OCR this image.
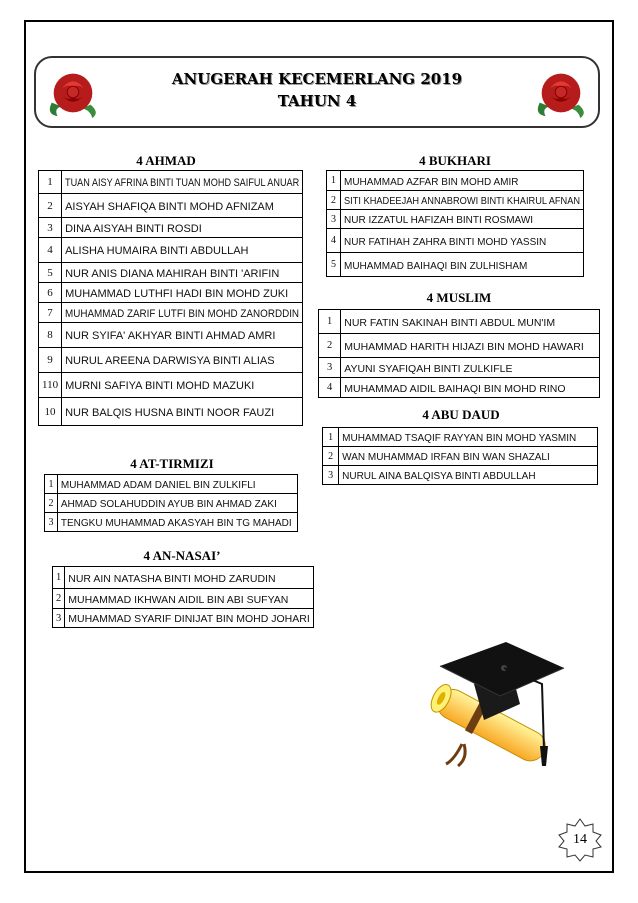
ANUGERAH KECEMERLANG 2019
TAHUN 4
4 AHMAD
1	TUAN AISY AFRINA BINTI TUAN MOHD SAIFUL ANUAR
2	AISYAH SHAFIQA BINTI MOHD AFNIZAM
3	DINA AISYAH BINTI ROSDI
4	ALISHA HUMAIRA BINTI ABDULLAH
5	NUR ANIS DIANA MAHIRAH BINTI 'ARIFIN
6	MUHAMMAD LUTHFI HADI BIN MOHD ZUKI
7	MUHAMMAD ZARIF LUTFI BIN MOHD ZANORDDIN
8	NUR SYIFA' AKHYAR BINTI AHMAD AMRI
9	NURUL AREENA DARWISYA BINTI ALIAS
110	MURNI SAFIYA BINTI MOHD MAZUKI
10	NUR BALQIS HUSNA BINTI NOOR FAUZI
4 BUKHARI
1	MUHAMMAD AZFAR BIN MOHD AMIR
2	SITI KHADEEJAH ANNABROWI BINTI KHAIRUL AFNAN
3	NUR IZZATUL HAFIZAH BINTI ROSMAWI
4	NUR FATIHAH ZAHRA BINTI MOHD YASSIN
5	MUHAMMAD BAIHAQI BIN ZULHISHAM
4 MUSLIM
1	NUR FATIN SAKINAH BINTI ABDUL MUN'IM
2	MUHAMMAD HARITH HIJAZI BIN MOHD HAWARI
3	AYUNI SYAFIQAH BINTI ZULKIFLE
4	MUHAMMAD AIDIL BAIHAQI BIN MOHD RINO
4 ABU DAUD
1	MUHAMMAD TSAQIF RAYYAN BIN MOHD YASMIN
2	WAN MUHAMMAD IRFAN BIN WAN SHAZALI
3	NURUL AINA BALQISYA BINTI ABDULLAH
4 AT-TIRMIZI
1	MUHAMMAD ADAM DANIEL BIN ZULKIFLI
2	AHMAD SOLAHUDDIN AYUB BIN AHMAD ZAKI
3	TENGKU MUHAMMAD AKASYAH BIN TG MAHADI
4 AN-NASAI’
1	NUR AIN NATASHA BINTI MOHD ZARUDIN
2	MUHAMMAD IKHWAN AIDIL BIN ABI SUFYAN
3	MUHAMMAD SYARIF DINIJAT BIN MOHD JOHARI
14
